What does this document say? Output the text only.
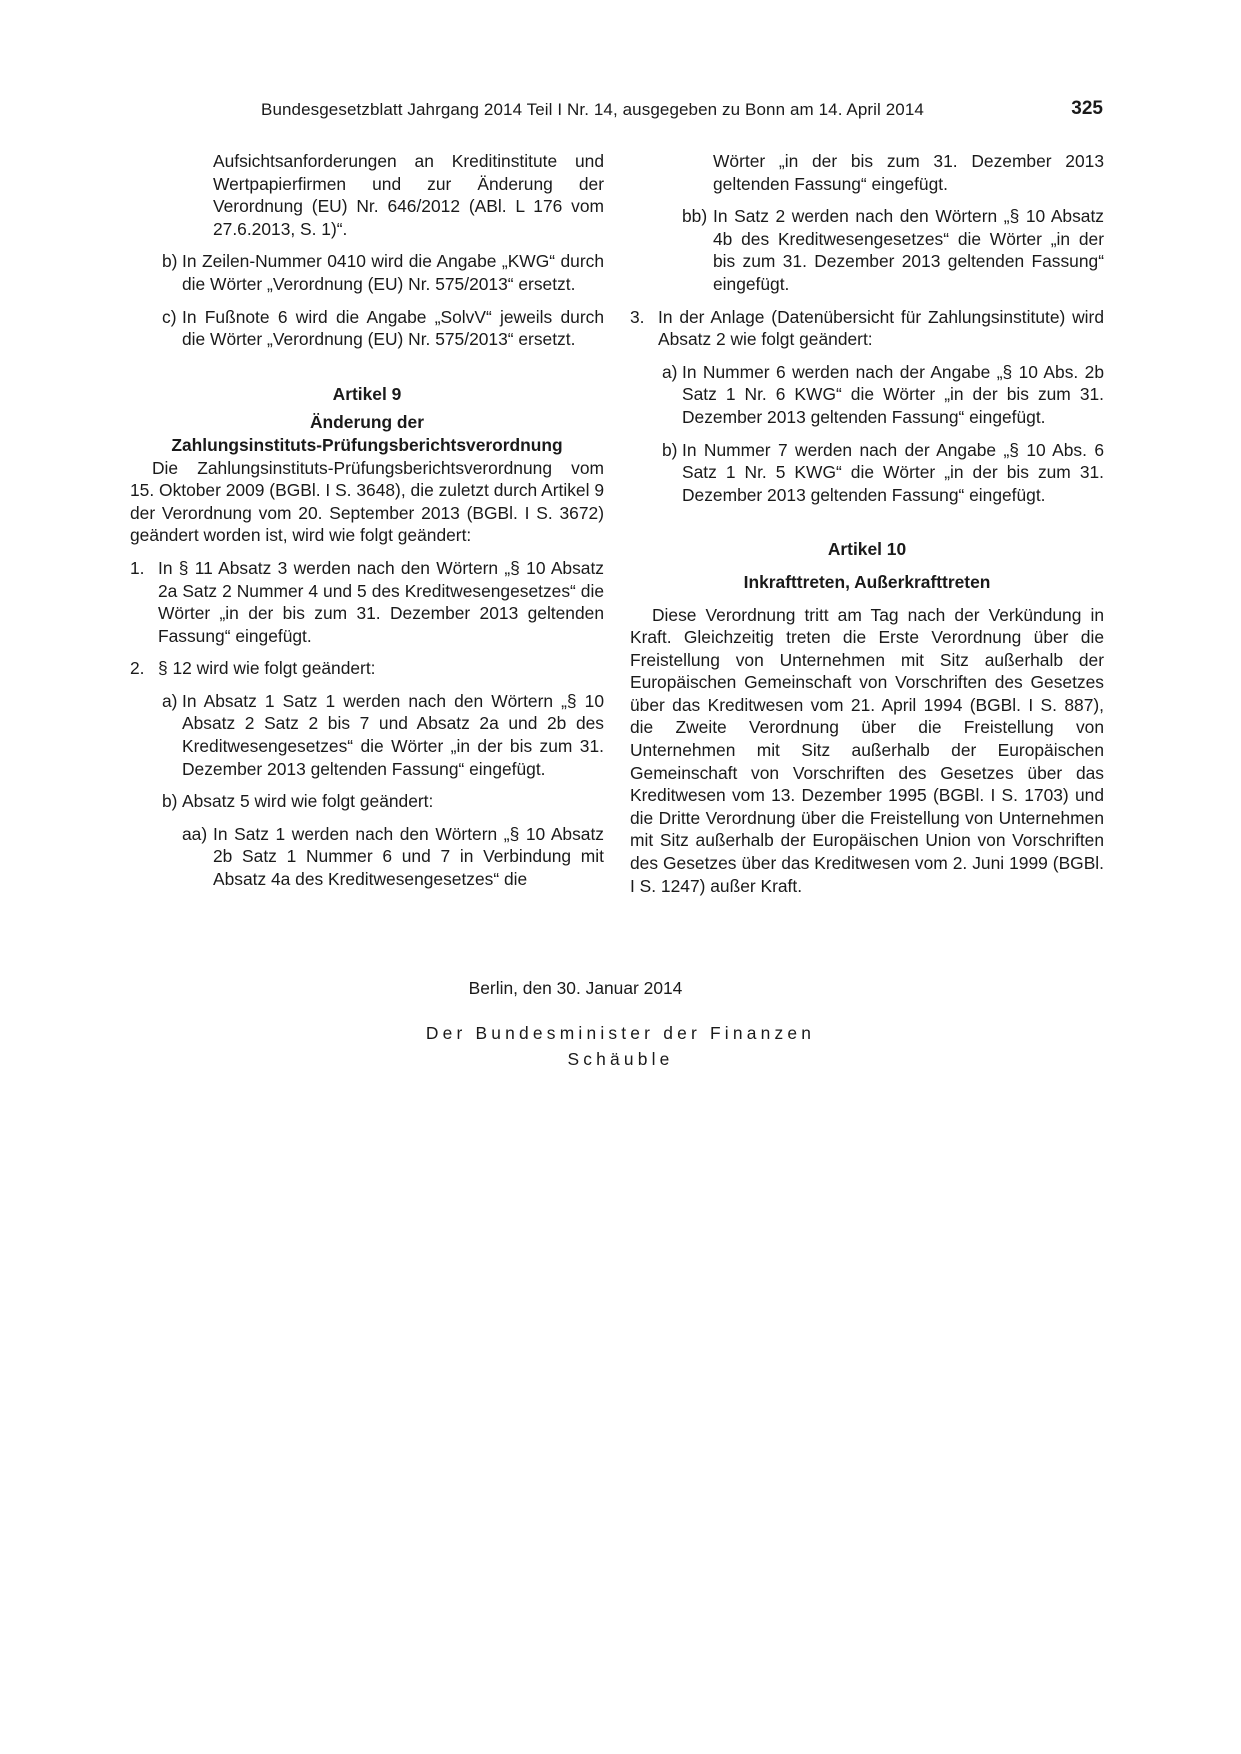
Bundesgesetzblatt Jahrgang 2014 Teil I Nr. 14, ausgegeben zu Bonn am 14. April 2014	325

Aufsichtsanforderungen an Kreditinstitute und Wertpapierfirmen und zur Änderung der Verordnung (EU) Nr. 646/2012 (ABl. L 176 vom 27.6.2013, S. 1)“.

b) In Zeilen-Nummer 0410 wird die Angabe „KWG“ durch die Wörter „Verordnung (EU) Nr. 575/2013“ ersetzt.
c) In Fußnote 6 wird die Angabe „SolvV“ jeweils durch die Wörter „Verordnung (EU) Nr. 575/2013“ ersetzt.

Artikel 9

Änderung der

Zahlungsinstituts-Prüfungsberichtsverordnung

Die Zahlungsinstituts-Prüfungsberichtsverordnung vom 15. Oktober 2009 (BGBl. I S. 3648), die zuletzt durch Artikel 9 der Verordnung vom 20. September 2013 (BGBl. I S. 3672) geändert worden ist, wird wie folgt geändert:

1. In § 11 Absatz 3 werden nach den Wörtern „§ 10 Absatz 2a Satz 2 Nummer 4 und 5 des Kreditwesengesetzes“ die Wörter „in der bis zum 31. Dezember 2013 geltenden Fassung“ eingefügt.
2. § 12 wird wie folgt geändert:
a) In Absatz 1 Satz 1 werden nach den Wörtern „§ 10 Absatz 2 Satz 2 bis 7 und Absatz 2a und 2b des Kreditwesengesetzes“ die Wörter „in der bis zum 31. Dezember 2013 geltenden Fassung“ eingefügt.
b) Absatz 5 wird wie folgt geändert:
aa) In Satz 1 werden nach den Wörtern „§ 10 Absatz 2b Satz 1 Nummer 6 und 7 in Verbindung mit Absatz 4a des Kreditwesengesetzes“ die

Wörter „in der bis zum 31. Dezember 2013 geltenden Fassung“ eingefügt.

bb) In Satz 2 werden nach den Wörtern „§ 10 Absatz 4b des Kreditwesengesetzes“ die Wörter „in der bis zum 31. Dezember 2013 geltenden Fassung“ eingefügt.
3. In der Anlage (Datenübersicht für Zahlungsinstitute) wird Absatz 2 wie folgt geändert:
a) In Nummer 6 werden nach der Angabe „§ 10 Abs. 2b Satz 1 Nr. 6 KWG“ die Wörter „in der bis zum 31. Dezember 2013 geltenden Fassung“ eingefügt.
b) In Nummer 7 werden nach der Angabe „§ 10 Abs. 6 Satz 1 Nr. 5 KWG“ die Wörter „in der bis zum 31. Dezember 2013 geltenden Fassung“ eingefügt.

Artikel 10

Inkrafttreten, Außerkrafttreten

Diese Verordnung tritt am Tag nach der Verkündung in Kraft. Gleichzeitig treten die Erste Verordnung über die Freistellung von Unternehmen mit Sitz außerhalb der Europäischen Gemeinschaft von Vorschriften des Gesetzes über das Kreditwesen vom 21. April 1994 (BGBl. I S. 887), die Zweite Verordnung über die Freistellung von Unternehmen mit Sitz außerhalb der Europäischen Gemeinschaft von Vorschriften des Gesetzes über das Kreditwesen vom 13. Dezember 1995 (BGBl. I S. 1703) und die Dritte Verordnung über die Freistellung von Unternehmen mit Sitz außerhalb der Europäischen Union von Vorschriften des Gesetzes über das Kreditwesen vom 2. Juni 1999 (BGBl. I S. 1247) außer Kraft.

Berlin, den 30. Januar 2014
Der Bundesminister der Finanzen
Schäuble
